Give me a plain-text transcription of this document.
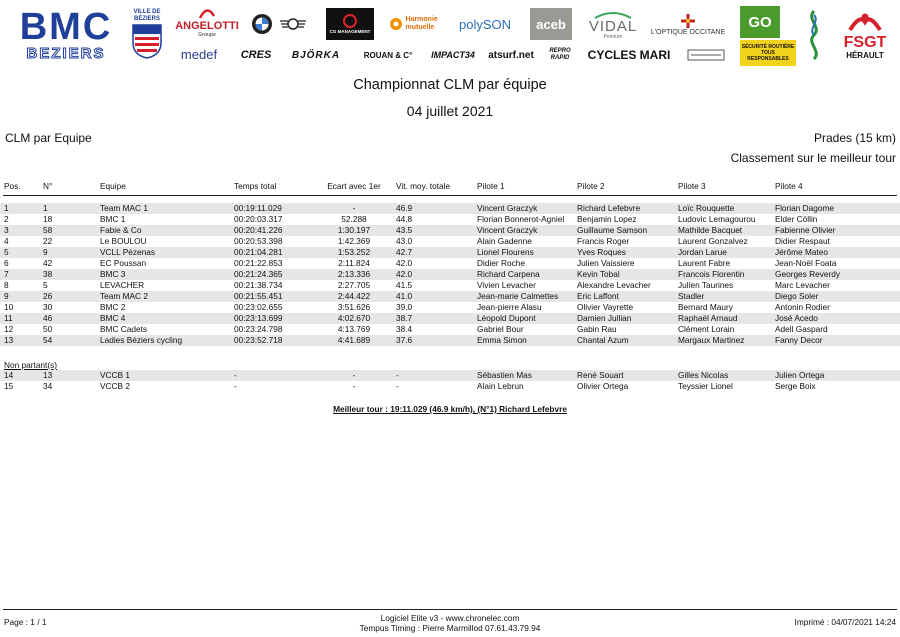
BMC
BEZIERS
VILLE DE BÉZIERS
ANGELOTTI
Groupe
CG MANAGEMENT
Harmonie mutuelle	polySON aceb VIDAL
Peinture
L'OPTIQUE OCCITANE
GO
SÉCURITÉ ROUTIÈRE TOUS RESPONSABLES
FSGT
HÉRAULT
medef CRES BJÖRKA	ROUAN & C° IMPACT34 atsurf.net	REPRO RAPID	CYCLES MARI
Championnat CLM par équipe
04 juillet 2021
CLM par Equipe	Prades (15 km)
Classement sur le meilleur tour
Pos.	N°	Equipe	Temps total	Ecart avec 1er	Vit. moy. totale	Pilote 1	Pilote 2	Pilote 3	Pilote 4
1	1	Team MAC 1	00:19:11.029	-	46.9	Vincent Graczyk	Richard Lefebvre	Loïc Rouquette	Florian Dagome
2	18	BMC 1	00:20:03.317	52.288	44.8	Florian Bonnerot-Agniel	Benjamin Lopez	Ludovic Lemagourou	Elder Cöllin
3	58	Fabie & Co	00:20:41.226	1:30.197	43.5	Vincent Graczyk	Guillaume Samson	Mathilde Bacquet	Fabienne Olivier
4	22	Le BOULOU	00:20:53.398	1:42.369	43.0	Alain Gadenne	Francis Roger	Laurent Gonzalvez	Didier Respaut
5	9	VCLL Pézenas	00:21:04.281	1:53.252	42.7	Lionel Flourens	Yves Roques	Jordan Larue	Jérôme Mateo
6	42	EC Poussan	00:21:22.853	2:11.824	42.0	Didier Roche	Julien Vaissiere	Laurent Fabre	Jean-Noël Foata
7	38	BMC 3	00:21:24.365	2:13.336	42.0	Richard Carpena	Kevin Tobal	Francois Florentin	Georges Reverdy
8	5	LEVACHER	00:21:38.734	2:27.705	41.5	Vivien Levacher	Alexandre Levacher	Julien Taurines	Marc Levacher
9	26	Team MAC 2	00:21:55.451	2:44.422	41.0	Jean-marie Calmettes	Eric Laffont	Stadler	Diego Soler
10	30	BMC 2	00:23:02.655	3:51.626	39.0	Jean-pierre Alasu	Olivier Vayrette	Bernard Maury	Antonin Rodier
11	46	BMC 4	00:23:13.699	4:02.670	38.7	Léopold Dupont	Damien Jullian	Raphaël Arnaud	José Acedo
12	50	BMC Cadets	00:23:24.798	4:13.769	38.4	Gabriel Bour	Gabin Rau	Clément Lorain	Adell Gaspard
13	54	Ladies Béziers cycling	00:23:52.718	4:41.689	37.6	Emma Simon	Chantal Azum	Margaux Martinez	Fanny Decor
Non partant(s)
14	13	VCCB 1	-	-	-	Sébastien Mas	René Souart	Gilles Nicolas	Julien Ortega
15	34	VCCB 2	-	-	-	Alain Lebrun	Olivier Ortega	Teyssier Lionel	Serge Boix
Meilleur tour : 19:11.029 (46.9 km/h), (N°1) Richard Lefebvre
Page : 1 / 1	Logiciel Elite v3 - www.chronelec.com
Tempus Timing : Pierre Marmillod 07.61.43.79.94
Imprimé : 04/07/2021 14:24
